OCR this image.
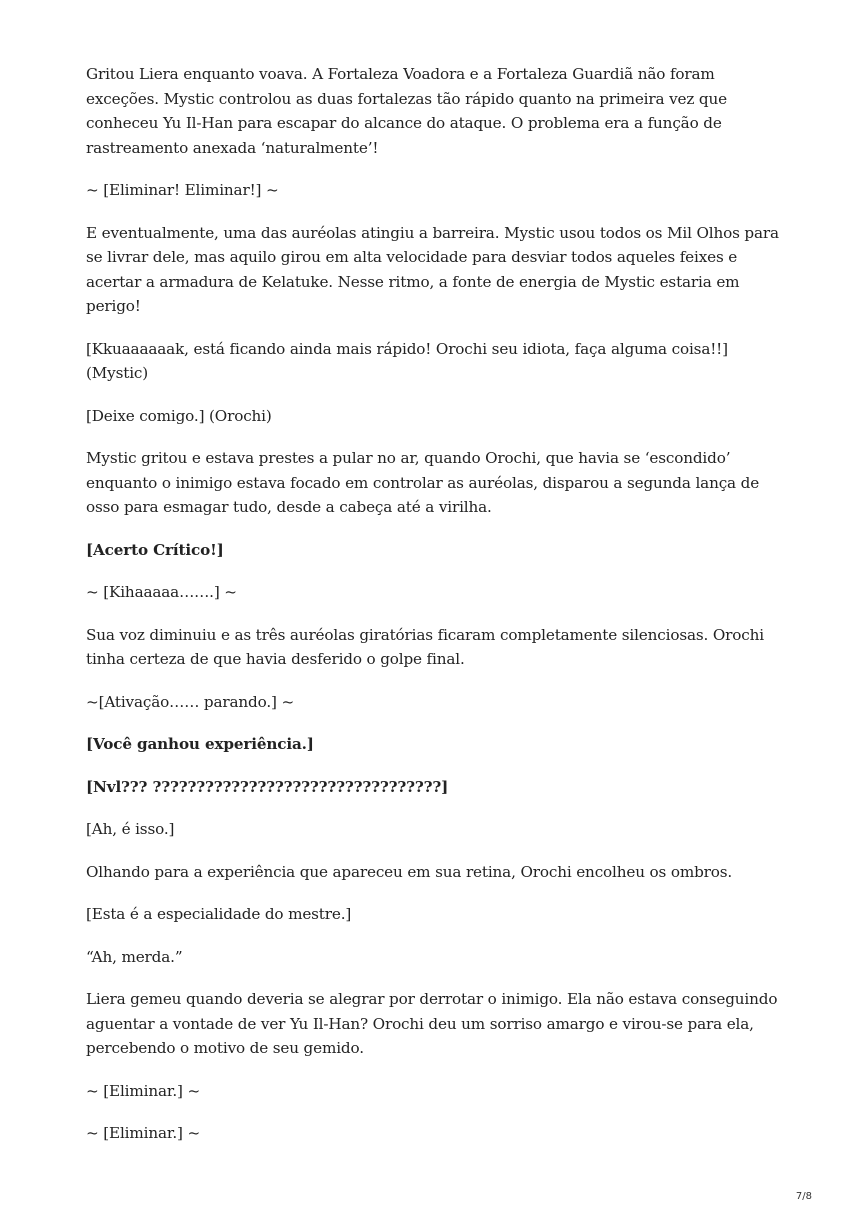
Gritou Liera enquanto voava. A Fortaleza Voadora e a Fortaleza Guardiã não foram exceções. Mystic controlou as duas fortalezas tão rápido quanto na primeira vez que conheceu Yu Il-Han para escapar do alcance do ataque. O problema era a função de rastreamento anexada ‘naturalmente’!

~ [Eliminar! Eliminar!] ~

E eventualmente, uma das auréolas atingiu a barreira. Mystic usou todos os Mil Olhos para se livrar dele, mas aquilo girou em alta velocidade para desviar todos aqueles feixes e acertar a armadura de Kelatuke. Nesse ritmo, a fonte de energia de Mystic estaria em perigo!

[Kkuaaaaaak, está ficando ainda mais rápido! Orochi seu idiota, faça alguma coisa!!] (Mystic)

[Deixe comigo.] (Orochi)

Mystic gritou e estava prestes a pular no ar, quando Orochi, que havia se ‘escondido’ enquanto o inimigo estava focado em controlar as auréolas, disparou a segunda lança de osso para esmagar tudo, desde a cabeça até a virilha.

[Acerto Crítico!]

~ [Kihaaaaa…….] ~

Sua voz diminuiu e as três auréolas giratórias ficaram completamente silenciosas. Orochi tinha certeza de que havia desferido o golpe final.

~[Ativação…… parando.] ~

[Você ganhou experiência.]

[Nvl??? ?????????????????????????????????]

[Ah, é isso.]

Olhando para a experiência que apareceu em sua retina, Orochi encolheu os ombros.

[Esta é a especialidade do mestre.]

“Ah, merda.”

Liera gemeu quando deveria se alegrar por derrotar o inimigo. Ela não estava conseguindo aguentar a vontade de ver Yu Il-Han? Orochi deu um sorriso amargo e virou-se para ela, percebendo o motivo de seu gemido.

~ [Eliminar.] ~

~ [Eliminar.] ~

7/8
